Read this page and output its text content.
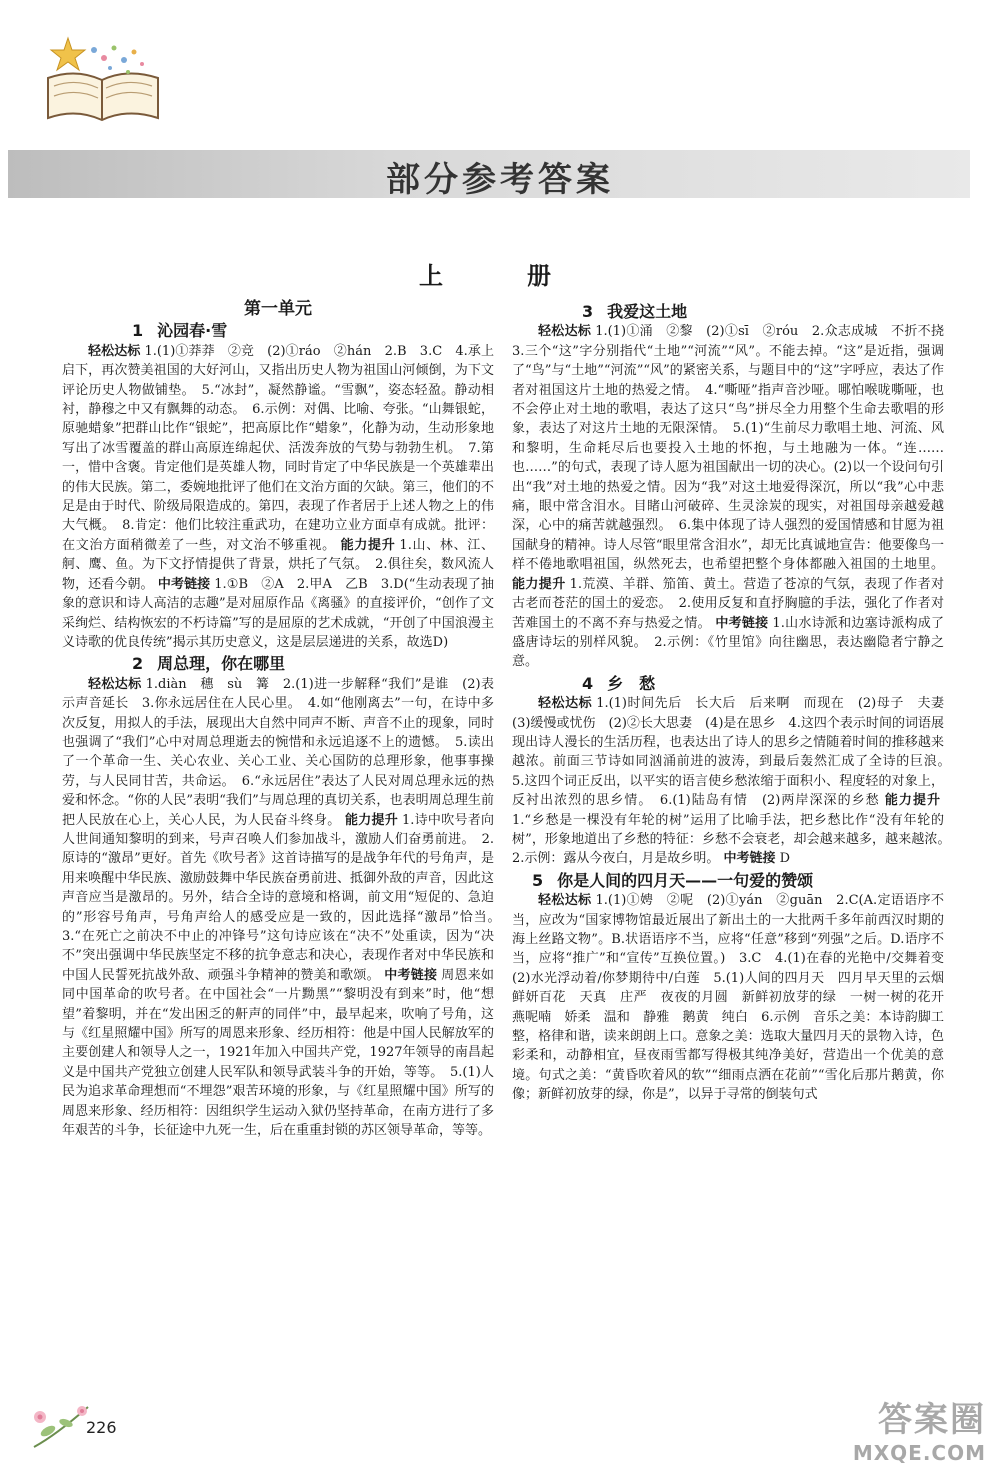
部分参考答案
上　册
第一单元
1 沁园春·雪

轻松达标 1.(1)①莽莽　②竞　(2)①ráo　②hán　2.B　3.C　4.承上启下，再次赞美祖国的大好河山，又指出历史人物为祖国山河倾倒，为下文评论历史人物做铺垫。　5.“冰封”，凝然静谧。“雪飘”，姿态轻盈。静动相衬，静穆之中又有飘舞的动态。　6.示例：对偶、比喻、夸张。“山舞银蛇，原驰蜡象”把群山比作“银蛇”，把高原比作“蜡象”，化静为动，生动形象地写出了冰雪覆盖的群山高原连绵起伏、活泼奔放的气势与勃勃生机。　7.第一，惜中含褒。肯定他们是英雄人物，同时肯定了中华民族是一个英雄辈出的伟大民族。第二，委婉地批评了他们在文治方面的欠缺。第三，他们的不足是由于时代、阶级局限造成的。第四，表现了作者居于上述人物之上的伟大气概。　8.肯定：他们比较注重武功，在建功立业方面卓有成就。批评：在文治方面稍微差了一些，对文治不够重视。 能力提升 1.山、林、江、舸、鹰、鱼。为下文抒情提供了背景，烘托了气氛。　2.俱往矣，数风流人物，还看今朝。 中考链接 1.①B　②A　2.甲A　乙B　3.D(“生动表现了抽象的意识和诗人高洁的志趣”是对屈原作品《离骚》的直接评价，“创作了文采绚烂、结构恢宏的不朽诗篇”写的是屈原的艺术成就，“开创了中国浪漫主义诗歌的优良传统”揭示其历史意义，这是层层递进的关系，故选D)

2 周总理，你在哪里

轻松达标 1.diàn　穗　sù　篝　2.(1)进一步解释“我们”是谁　(2)表示声音延长　3.你永远居住在人民心里。　4.如“他刚离去”一句，在诗中多次反复，用拟人的手法，展现出大自然中同声不断、声音不止的现象，同时也强调了“我们”心中对周总理逝去的惋惜和永远追逐不上的遗憾。　5.读出了一个革命一生、关心农业、关心工业、关心国防的总理形象，他事事操劳，与人民同甘苦，共命运。　6.“永远居住”表达了人民对周总理永远的热爱和怀念。“你的人民”表明“我们”与周总理的真切关系，也表明周总理生前把人民放在心上，关心人民，为人民奋斗终身。 能力提升 1.诗中吹号者向人世间通知黎明的到来，号声召唤人们参加战斗，激励人们奋勇前进。　2.原诗的“激昂”更好。首先《吹号者》这首诗描写的是战争年代的号角声，是用来唤醒中华民族、激励鼓舞中华民族奋勇前进、抵御外敌的声音，因此这声音应当是激昂的。另外，结合全诗的意境和格调，前文用“短促的、急迫的”形容号角声，号角声给人的感受应是一致的，因此选择“激昂”恰当。　3.“在死亡之前决不中止的冲锋号”这句诗应该在“决不”处重读，因为“决不”突出强调中华民族坚定不移的抗争意志和决心，表现作者对中华民族和中国人民誓死抗战外敌、顽强斗争精神的赞美和歌颂。 中考链接 周恩来如同中国革命的吹号者。在中国社会“一片黝黑”“黎明没有到来”时，他“想望”着黎明，并在“发出困乏的鼾声的同伴”中，最早起来，吹响了号角，这与《红星照耀中国》所写的周恩来形象、经历相符：他是中国人民解放军的主要创建人和领导人之一，1921年加入中国共产党，1927年领导的南昌起义是中国共产党独立创建人民军队和领导武装斗争的开始，等等。　5.(1)人民为追求革命理想而“不埋怨”艰苦环境的形象，与《红星照耀中国》所写的周恩来形象、经历相符：因组织学生运动入狱仍坚持革命，在南方进行了多年艰苦的斗争，长征途中九死一生，后在重重封锁的苏区领导革命，等等。

3 我爱这土地

轻松达标 1.(1)①涌　②黎　(2)①sī　②róu　2.众志成城　不折不挠　3.三个“这”字分别指代“土地”“河流”“风”。不能去掉。“这”是近指，强调了“鸟”与“土地”“河流”“风”的紧密关系，与题目中的“这”字呼应，表达了作者对祖国这片土地的热爱之情。　4.“嘶哑”指声音沙哑。哪怕喉咙嘶哑，也不会停止对土地的歌唱，表达了这只“鸟”拼尽全力用整个生命去歌唱的形象，表达了对这片土地的无限深情。　5.(1)“生前尽力歌唱土地、河流、风和黎明，生命耗尽后也要投入土地的怀抱，与土地融为一体。“连……也……”的句式，表现了诗人愿为祖国献出一切的决心。(2)以一个设问句引出“我”对土地的热爱之情。因为“我”对这土地爱得深沉，所以“我”心中悲痛，眼中常含泪水。目睹山河破碎、生灵涂炭的现实，对祖国母亲越爱越深，心中的痛苦就越强烈。　6.集中体现了诗人强烈的爱国情感和甘愿为祖国献身的精神。诗人尽管“眼里常含泪水”，却无比真诚地宣告：他要像鸟一样不倦地歌唱祖国，纵然死去，也希望把整个身体都融入祖国的土地里。 能力提升 1.荒漠、羊群、笳笛、黄土。营造了苍凉的气氛，表现了作者对古老而苍茫的国土的爱恋。　2.使用反复和直抒胸臆的手法，强化了作者对苦难国土的不离不弃与热爱之情。 中考链接 1.山水诗派和边塞诗派构成了盛唐诗坛的别样风貌。　2.示例：《竹里馆》向往幽思，表达幽隐者宁静之意。

4 乡　愁

轻松达标 1.(1)时间先后　长大后　后来啊　而现在　(2)母子　夫妻　(3)缓慢或忧伤　(2)②长大思妻　(4)是在思乡　4.这四个表示时间的词语展现出诗人漫长的生活历程，也表达出了诗人的思乡之情随着时间的推移越来越浓。前面三节诗如同汹涌前进的波涛，到最后轰然汇成了全诗的巨浪。　5.这四个词正反出，以平实的语言使乡愁浓缩于面积小、程度轻的对象上，反衬出浓烈的思乡情。　6.(1)陆岛有情　(2)两岸深深的乡愁 能力提升1.“乡愁是一棵没有年轮的树”运用了比喻手法，把乡愁比作“没有年轮的树”，形象地道出了乡愁的特征：乡愁不会衰老，却会越来越多，越来越浓。　2.示例：露从今夜白，月是故乡明。 中考链接 D

5 你是人间的四月天——一句爱的赞颂

轻松达标 1.(1)①娉　②呢　(2)①yán　②guān　2.C(A.定语语序不当，应改为“国家博物馆最近展出了新出土的一大批两千多年前西汉时期的海上丝路文物”。B.状语语序不当，应将“任意”移到“列强”之后。D.语序不当，应将“推广”和“宣传”互换位置。)　3.C　4.(1)在春的光艳中/交舞着变　(2)水光浮动着/你梦期待中/白莲　5.(1)人间的四月天　四月早天里的云烟　鲜妍百花　天真　庄严　夜夜的月圆　新鲜初放芽的绿　一树一树的花开　燕呢喃　娇柔　温和　静雅　鹅黄　纯白　6.示例　音乐之美：本诗韵脚工整，格律和谐，读来朗朗上口。意象之美：选取大量四月天的景物入诗，色彩柔和，动静相宜，昼夜雨雪都写得极其纯净美好，营造出一个优美的意境。句式之美：“黄昏吹着风的软”“细雨点洒在花前”“雪化后那片鹅黄，你像；新鲜初放芽的绿，你是”，以异于寻常的倒装句式

226	答案圈
MXQE.COM
